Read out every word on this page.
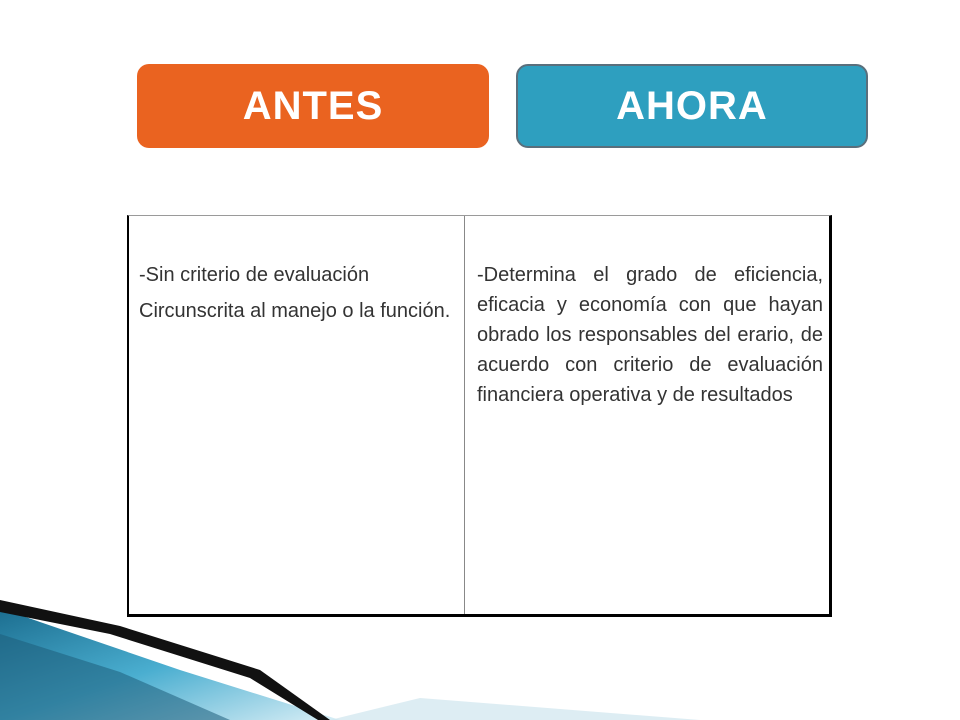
ANTES	AHORA

-Sin criterio de evaluación

Circunscrita al manejo o la función.

-Determina el grado de eficiencia, eficacia y economía con que hayan obrado los responsables del erario, de acuerdo con criterio de evaluación financiera operativa y de resultados
